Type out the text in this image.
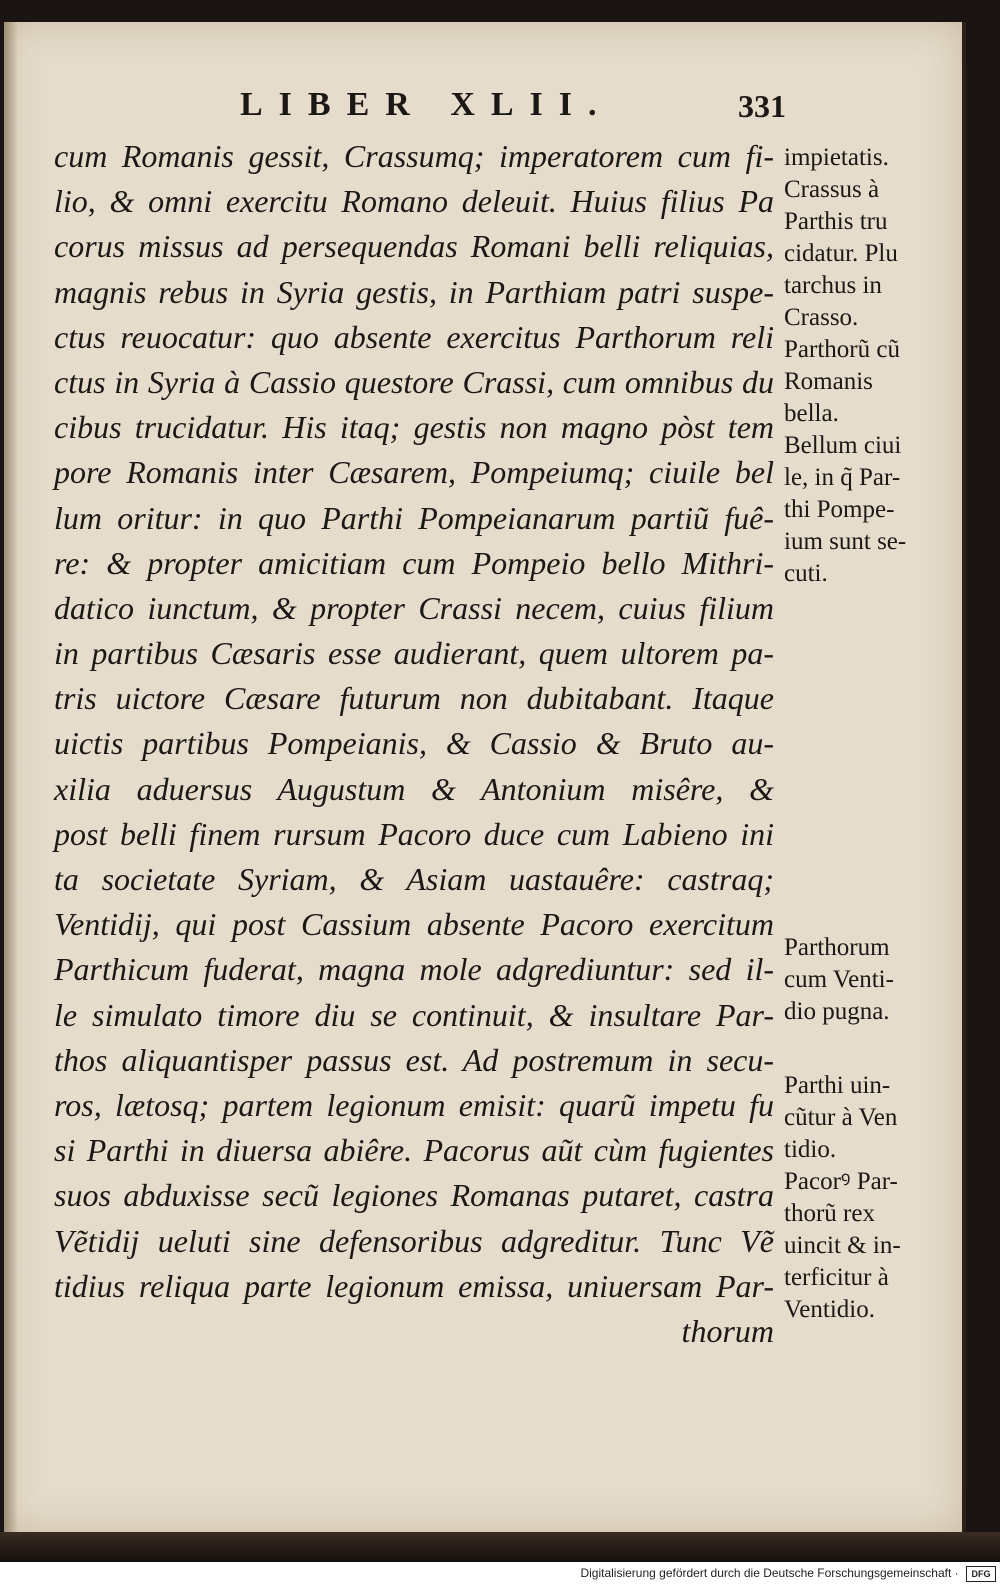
LIBER XLII.	331
cum Romanis gessit, Crassumq; imperatorem cum fi-
lio, & omni exercitu Romano deleuit. Huius filius Pa
corus missus ad persequendas Romani belli reliquias,
magnis rebus in Syria gestis, in Parthiam patri suspe-
ctus reuocatur: quo absente exercitus Parthorum reli
ctus in Syria à Cassio questore Crassi, cum omnibus du
cibus trucidatur. His itaq; gestis non magno pòst tem
pore Romanis inter Cæsarem, Pompeiumq; ciuile bel
lum oritur: in quo Parthi Pompeianarum partiũ fuê-
re: & propter amicitiam cum Pompeio bello Mithri-
datico iunctum, & propter Crassi necem, cuius filium
in partibus Cæsaris esse audierant, quem ultorem pa-
tris uictore Cæsare futurum non dubitabant. Itaque
uictis partibus Pompeianis, & Cassio & Bruto au-
xilia aduersus Augustum & Antonium misêre, &
post belli finem rursum Pacoro duce cum Labieno ini
ta societate Syriam, & Asiam uastauêre: castraq;
Ventidij, qui post Cassium absente Pacoro exercitum
Parthicum fuderat, magna mole adgrediuntur: sed il-
le simulato timore diu se continuit, & insultare Par-
thos aliquantisper passus est. Ad postremum in secu-
ros, lætosq; partem legionum emisit: quarũ impetu fu
si Parthi in diuersa abiêre. Pacorus aũt cùm fugientes
suos abduxisse secũ legiones Romanas putaret, castra
Vẽtidij ueluti sine defensoribus adgreditur. Tunc Vẽ
tidius reliqua parte legionum emissa, uniuersam Par-
thorum
impietatis.
Crassus à
Parthis tru
cidatur. Plu
tarchus in
Crasso.
Parthorũ cũ
Romanis
bella.
Bellum ciui
le, in q̃ Par-
thi Pompe-
ium sunt se-
cuti.
Parthorum
cum Venti-
dio pugna.
Parthi uin-
cũtur à Ven
tidio.
Pacorꝰ Par-
thorũ rex
uincit & in-
terficitur à
Ventidio.
Digitalisierung gefördert durch die Deutsche Forschungsgemeinschaft · DFG
